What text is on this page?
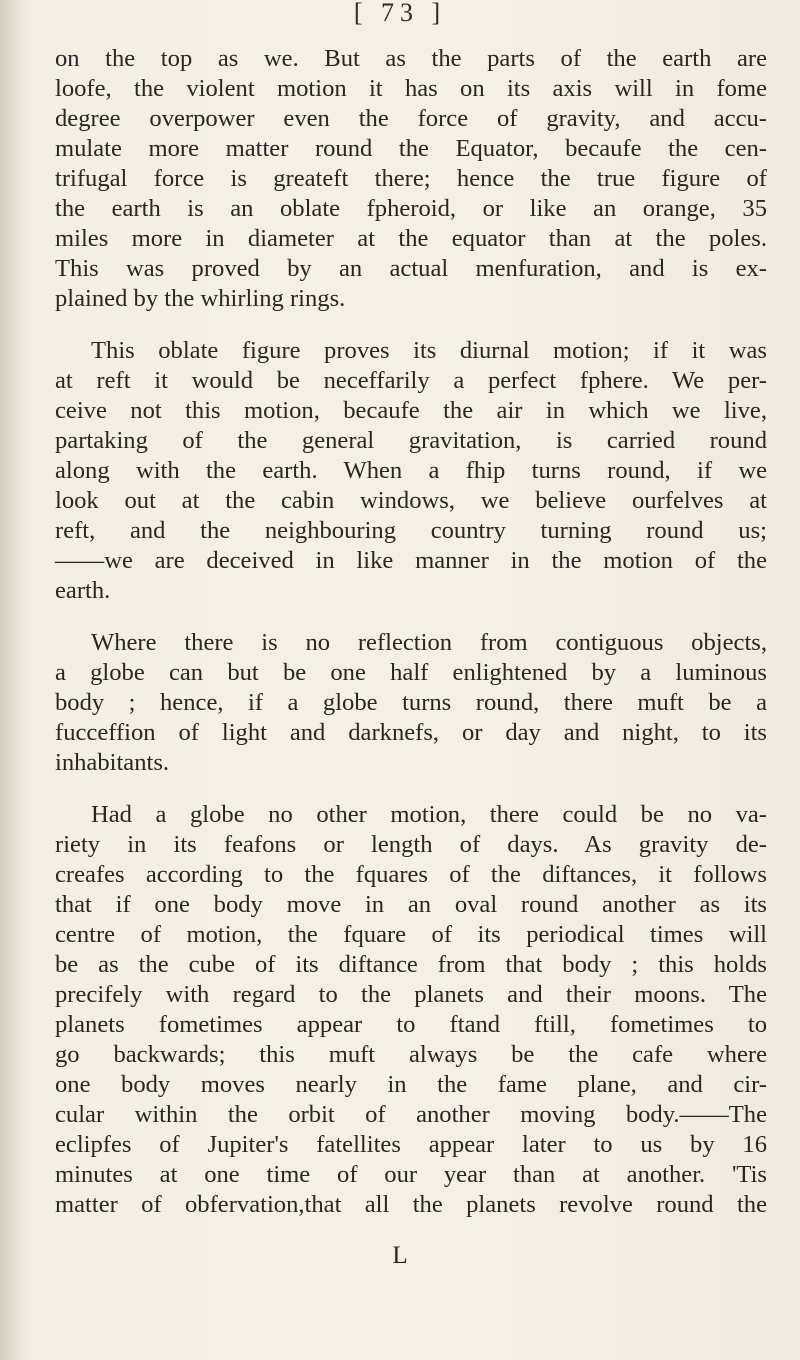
[ 73 ]
on the top as we. But as the parts of the earth are
loofe, the violent motion it has on its axis will in fome
degree overpower even the force of gravity, and accu-
mulate more matter round the Equator, becaufe the cen-
trifugal force is greateft there; hence the true figure of
the earth is an oblate fpheroid, or like an orange, 35
miles more in diameter at the equator than at the poles.
This was proved by an actual menfuration, and is ex-
plained by the whirling rings.
This oblate figure proves its diurnal motion; if it was
at reft it would be neceffarily a perfect fphere. We per-
ceive not this motion, becaufe the air in which we live,
partaking of the general gravitation, is carried round
along with the earth. When a fhip turns round, if we
look out at the cabin windows, we believe ourfelves at
reft, and the neighbouring country turning round us;
——we are deceived in like manner in the motion of the
earth.
Where there is no reflection from contiguous objects,
a globe can but be one half enlightened by a luminous
body ; hence, if a globe turns round, there muft be a
fucceffion of light and darknefs, or day and night, to its
inhabitants.
Had a globe no other motion, there could be no va-
riety in its feafons or length of days. As gravity de-
creafes according to the fquares of the diftances, it follows
that if one body move in an oval round another as its
centre of motion, the fquare of its periodical times will
be as the cube of its diftance from that body ; this holds
precifely with regard to the planets and their moons. The
planets fometimes appear to ftand ftill, fometimes to
go backwards; this muft always be the cafe where
one body moves nearly in the fame plane, and cir-
cular within the orbit of another moving body.——The
eclipfes of Jupiter's fatellites appear later to us by 16
minutes at one time of our year than at another. 'Tis
matter of obfervation,that all the planets revolve round the
L
